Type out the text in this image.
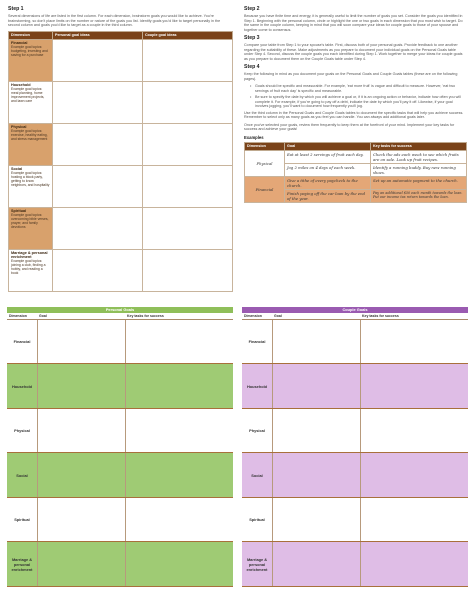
Step 1
Several dimensions of life are listed in the first column. For each dimension, brainstorm goals you would like to achieve. You're brainstorming, so don't place limits on the number or nature of the goals you list. Identify goals you'd like to target personally in the second column and goals you'd like to target as a couple in the third column.
Dimension	Personal goal ideas	Couple goal ideas

Financial
Example goal topics: budgeting, investing and saving for a purchase		

Household
Example goal topics: meal planning, home improvement projects, and lawn care		

Physical
Example goal topics: exercise, healthy eating, and stress management		

Social
Example goal topics: hosting a block party, getting to know neighbors, and hospitality		

Spiritual
Example goal topics: overcoming bible verses, prayer, and family devotions		

Marriage & personal enrichment
Example goal topics: joining a club, finding a hobby, and reading a book		

Step 2
Because you have finite time and energy, it is generally useful to limit the number of goals you set. Consider the goals you identified in Step 1. Beginning with the personal column, circle or highlight the one or two goals in each dimension that you most wish to target. Do the same in the couple column, keeping in mind that you will soon compare your ideas for couple goals to those of your spouse and together come to consensus.
Step 3
Compare your table from Step 1 to your spouse's table. First, discuss both of your personal goals. Provide feedback to one another regarding the suitability of these. Make adjustments as you prepare to document your individual goals on the Personal Goals table under Step 4. Second, discuss the couple goals you each identified during Step 1. Work together to merge your ideas for couple goals as you prepare to document them on the Couple Goals table under Step 4.
Step 4
Keep the following in mind as you document your goals on the Personal Goals and Couple Goals tables (these are on the following pages).
• Goals should be specific and measurable. For example, 'eat more fruit' is vague and difficult to measure. However, 'eat two servings of fruit each day' is specific and measurable.
• Be sure to specify the date by which you will achieve a goal or, if it is an ongoing action or behavior, indicate how often you will complete it. For example, if you're going to pay off a debt, indicate the date by which you'll pay it off. Likewise, if your goal involves jogging, you'll want to document how frequently you'll jog.
Use the third column in the Personal Goals and Couple Goals tables to document the specific tasks that will help you achieve success. Remember to select only as many goals as you feel you can handle. You can always add additional goals later.
Once you've selected your goals, review them frequently to keep them at the forefront of your mind. Implement your key tasks for success and achieve your goals!
Examples
Dimension	Goal	Key tasks for success
Physical	Eat at least 2 servings of fruit each day.	Check the ads each week to see which fruits are on sale. Look up fruit recipes.
	Jog 2 miles on 4 days of each week.	Identify a running buddy. Buy new running shoes.
Financial	Give a tithe of every paycheck to the church.	Set up an automatic payment to the church.
	Finish paying off the car loan by the end of the year.	Pay an additional $50 each month towards the loan. Put our income tax return towards the loan.
Personal Goals
Dimension	Goal	Key tasks for success
Financial
Household
Physical
Social
Spiritual
Marriage & personal enrichment
Couple Goals
Dimension	Goal	Key tasks for success
Financial
Household
Physical
Social
Spiritual
Marriage & personal enrichment
